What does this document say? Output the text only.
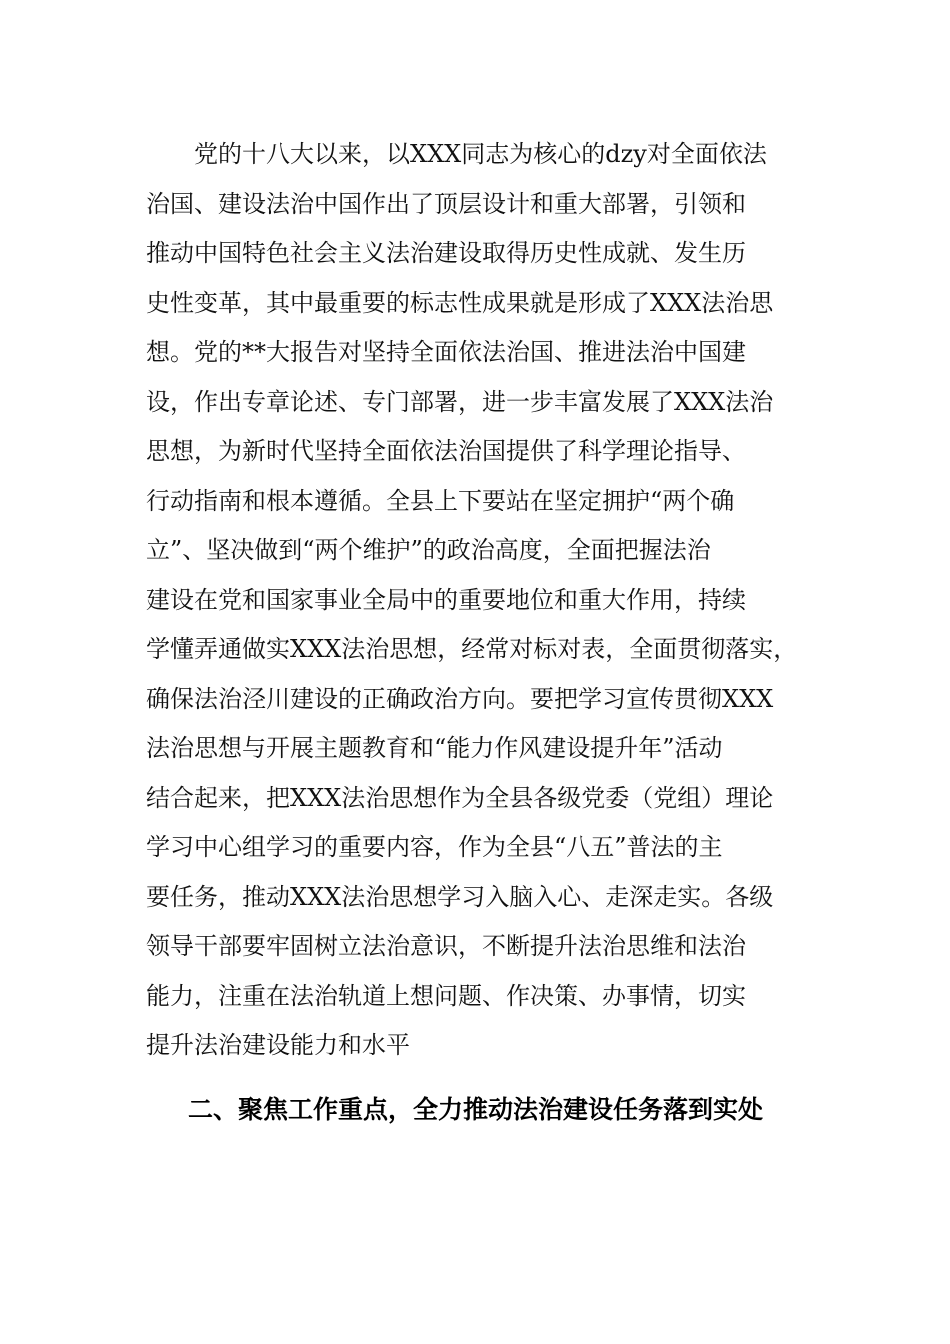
　　党的十八大以来，以XXX同志为核心的dzy对全面依法
治国、建设法治中国作出了顶层设计和重大部署，引领和
推动中国特色社会主义法治建设取得历史性成就、发生历
史性变革，其中最重要的标志性成果就是形成了XXX法治思
想。党的**大报告对坚持全面依法治国、推进法治中国建
设，作出专章论述、专门部署，进一步丰富发展了XXX法治
思想，为新时代坚持全面依法治国提供了科学理论指导、
行动指南和根本遵循。全县上下要站在坚定拥护“两个确
立”、坚决做到“两个维护”的政治高度，全面把握法治
建设在党和国家事业全局中的重要地位和重大作用，持续
学懂弄通做实XXX法治思想，经常对标对表，全面贯彻落实，
确保法治泾川建设的正确政治方向。要把学习宣传贯彻XXX
法治思想与开展主题教育和“能力作风建设提升年”活动
结合起来，把XXX法治思想作为全县各级党委（党组）理论
学习中心组学习的重要内容，作为全县“八五”普法的主
要任务，推动XXX法治思想学习入脑入心、走深走实。各级
领导干部要牢固树立法治意识，不断提升法治思维和法治
能力，注重在法治轨道上想问题、作决策、办事情，切实
提升法治建设能力和水平
二、聚焦工作重点，全力推动法治建设任务落到实处
